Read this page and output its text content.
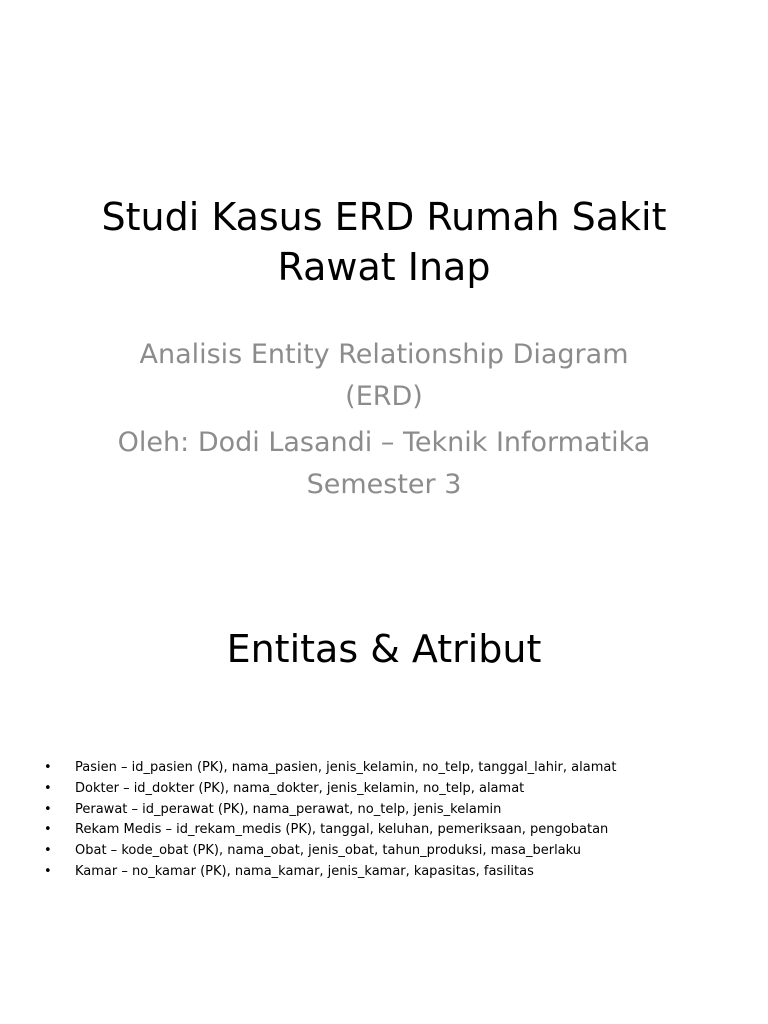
Studi Kasus ERD Rumah Sakit Rawat Inap
Analisis Entity Relationship Diagram (ERD)
Oleh: Dodi Lasandi – Teknik Informatika Semester 3
Entitas & Atribut
• Pasien – id_pasien (PK), nama_pasien, jenis_kelamin, no_telp, tanggal_lahir, alamat
• Dokter – id_dokter (PK), nama_dokter, jenis_kelamin, no_telp, alamat
• Perawat – id_perawat (PK), nama_perawat, no_telp, jenis_kelamin
• Rekam Medis – id_rekam_medis (PK), tanggal, keluhan, pemeriksaan, pengobatan
• Obat – kode_obat (PK), nama_obat, jenis_obat, tahun_produksi, masa_berlaku
• Kamar – no_kamar (PK), nama_kamar, jenis_kamar, kapasitas, fasilitas
